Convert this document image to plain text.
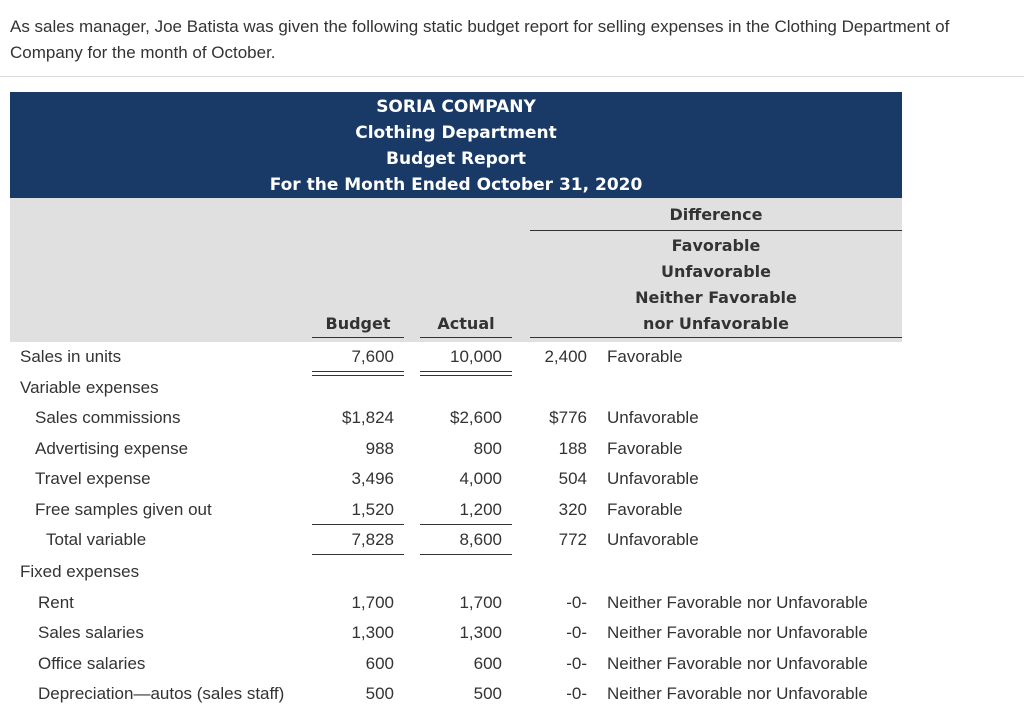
As sales manager, Joe Batista was given the following static budget report for selling expenses in the Clothing Department of
Company for the month of October.
SORIA COMPANY
Clothing Department
Budget Report
For the Month Ended October 31, 2020
Difference
Favorable
Unfavorable
Neither Favorable
nor Unfavorable
Budget	Actual
Sales in units	7,600	10,000	2,400 Favorable
Variable expenses
Sales commissions	$1,824	$2,600	$776 Unfavorable
Advertising expense	988	800	188 Favorable
Travel expense	3,496	4,000	504 Unfavorable
Free samples given out	1,520	1,200	320 Favorable
Total variable	7,828	8,600	772 Unfavorable
Fixed expenses
Rent	1,700	1,700	-0- Neither Favorable nor Unfavorable
Sales salaries	1,300	1,300	-0- Neither Favorable nor Unfavorable
Office salaries	600	600	-0- Neither Favorable nor Unfavorable
Depreciation—autos (sales staff)	500	500	-0- Neither Favorable nor Unfavorable
